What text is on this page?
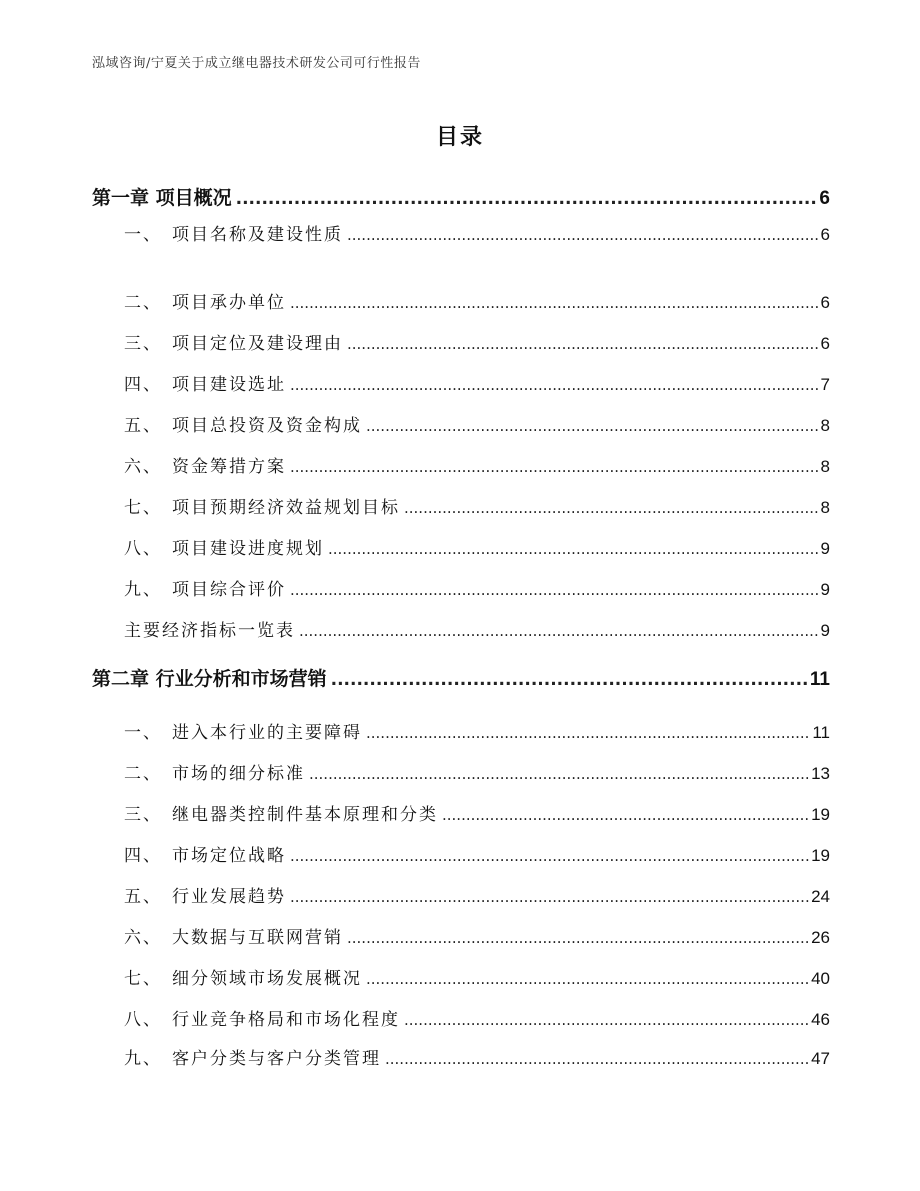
泓域咨询/宁夏关于成立继电器技术研发公司可行性报告
目录
第一章 项目概况 .....	6
一、 项目名称及建设性质 .....	6
二、 项目承办单位 .....	6
三、 项目定位及建设理由 .....	6
四、 项目建设选址 .....	7
五、 项目总投资及资金构成 .....	8
六、 资金筹措方案 .....	8
七、 项目预期经济效益规划目标 .....	8
八、 项目建设进度规划 .....	9
九、 项目综合评价 .....	9
主要经济指标一览表 .....	9
第二章 行业分析和市场营销 .....	11
一、 进入本行业的主要障碍 .....	11
二、 市场的细分标准 .....	13
三、 继电器类控制件基本原理和分类 .....	19
四、 市场定位战略 .....	19
五、 行业发展趋势 .....	24
六、 大数据与互联网营销 .....	26
七、 细分领域市场发展概况 .....	40
八、 行业竞争格局和市场化程度 .....	46
九、 客户分类与客户分类管理 .....	47
